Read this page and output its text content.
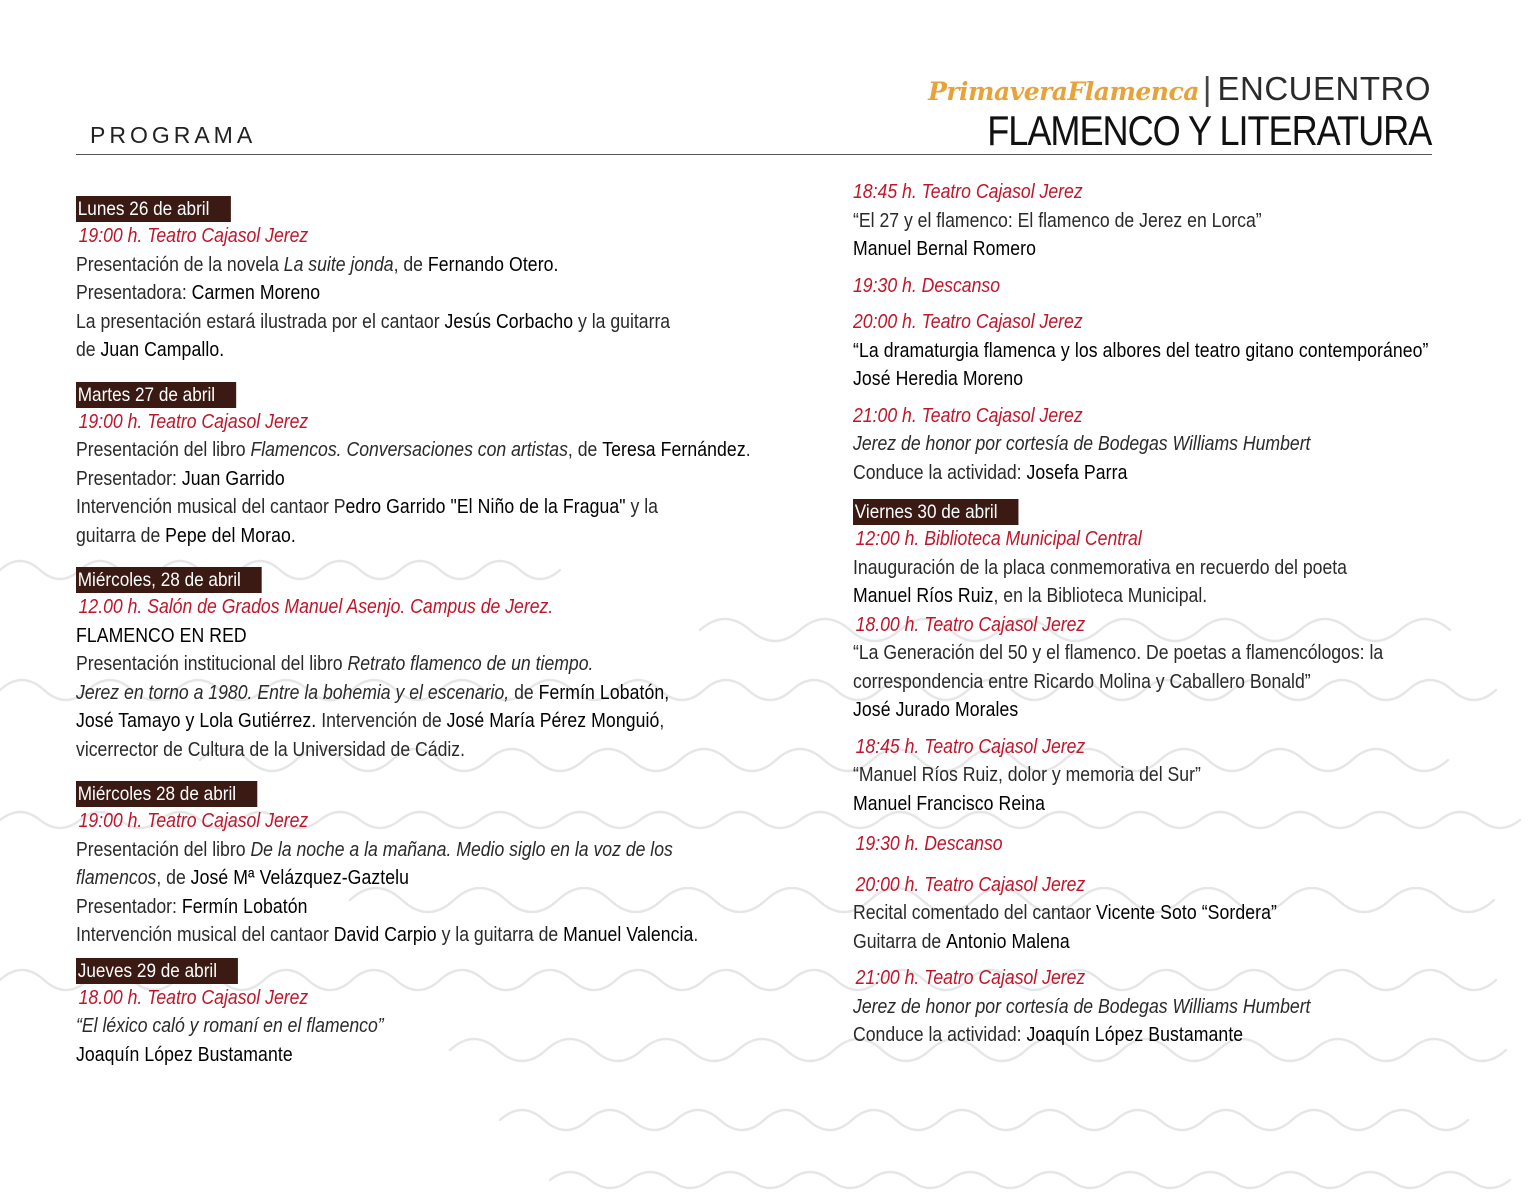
PROGRAMA
PrimaveraFlamenca | ENCUENTRO
FLAMENCO Y LITERATURA
Lunes 26 de abril
19:00 h. Teatro Cajasol Jerez
Presentación de la novela La suite jonda, de Fernando Otero.
Presentadora: Carmen Moreno
La presentación estará ilustrada por el cantaor Jesús Corbacho y la guitarra
de Juan Campallo.
Martes 27 de abril
19:00 h. Teatro Cajasol Jerez
Presentación del libro Flamencos. Conversaciones con artistas, de Teresa Fernández.
Presentador: Juan Garrido
Intervención musical del cantaor Pedro Garrido "El Niño de la Fragua" y la
guitarra de Pepe del Morao.
Miércoles, 28 de abril
12.00 h. Salón de Grados Manuel Asenjo. Campus de Jerez.
FLAMENCO EN RED
Presentación institucional del libro Retrato flamenco de un tiempo.
Jerez en torno a 1980. Entre la bohemia y el escenario, de Fermín Lobatón,
José Tamayo y Lola Gutiérrez. Intervención de José María Pérez Monguió,
vicerrector de Cultura de la Universidad de Cádiz.
Miércoles 28 de abril
19:00 h. Teatro Cajasol Jerez
Presentación del libro De la noche a la mañana. Medio siglo en la voz de los
flamencos, de José Mª Velázquez-Gaztelu
Presentador: Fermín Lobatón
Intervención musical del cantaor David Carpio y la guitarra de Manuel Valencia.
Jueves 29 de abril
18.00 h. Teatro Cajasol Jerez
“El léxico caló y romaní en el flamenco”
Joaquín López Bustamante
18:45 h. Teatro Cajasol Jerez
“El 27 y el flamenco: El flamenco de Jerez en Lorca”
Manuel Bernal Romero
19:30 h. Descanso
20:00 h. Teatro Cajasol Jerez
“La dramaturgia flamenca y los albores del teatro gitano contemporáneo”
José Heredia Moreno
21:00 h. Teatro Cajasol Jerez
Jerez de honor por cortesía de Bodegas Williams Humbert
Conduce la actividad: Josefa Parra
Viernes 30 de abril
12:00 h. Biblioteca Municipal Central
Inauguración de la placa conmemorativa en recuerdo del poeta
Manuel Ríos Ruiz, en la Biblioteca Municipal.
18.00 h. Teatro Cajasol Jerez
“La Generación del 50 y el flamenco. De poetas a flamencólogos: la
correspondencia entre Ricardo Molina y Caballero Bonald”
José Jurado Morales
18:45 h. Teatro Cajasol Jerez
“Manuel Ríos Ruiz, dolor y memoria del Sur”
Manuel Francisco Reina
19:30 h. Descanso
20:00 h. Teatro Cajasol Jerez
Recital comentado del cantaor Vicente Soto “Sordera”
Guitarra de Antonio Malena
21:00 h. Teatro Cajasol Jerez
Jerez de honor por cortesía de Bodegas Williams Humbert
Conduce la actividad: Joaquín López Bustamante
